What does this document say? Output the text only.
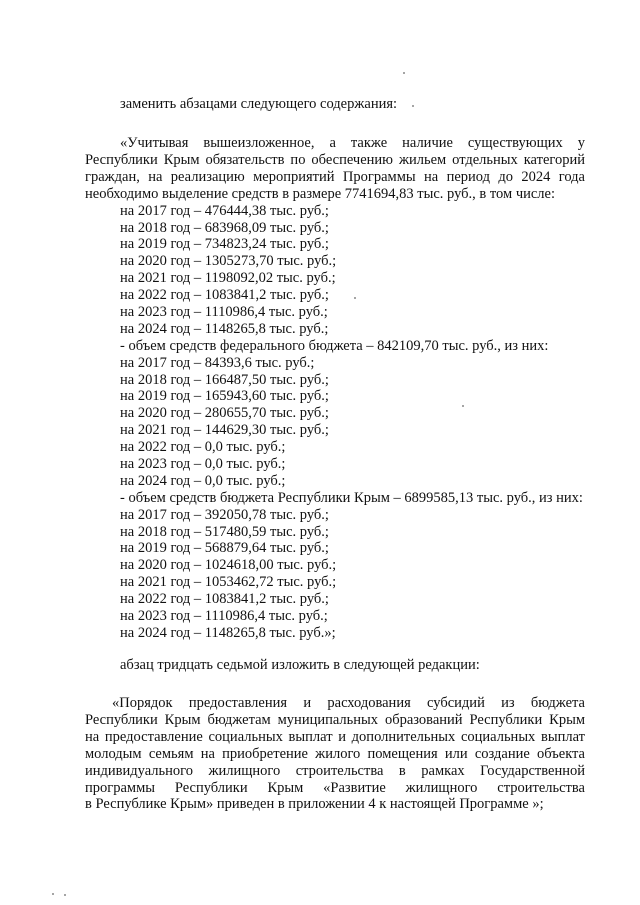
заменить абзацами следующего содержания:
«Учитывая вышеизложенное, а также наличие существующих у
Республики Крым обязательств по обеспечению жильем отдельных категорий
граждан, на реализацию мероприятий Программы на период до 2024 года
необходимо выделение средств в размере 7741694,83 тыс. руб., в том числе:
на 2017 год – 476444,38 тыс. руб.;
на 2018 год – 683968,09 тыс. руб.;
на 2019 год – 734823,24 тыс. руб.;
на 2020 год – 1305273,70 тыс. руб.;
на 2021 год – 1198092,02 тыс. руб.;
на 2022 год – 1083841,2 тыс. руб.;
на 2023 год – 1110986,4 тыс. руб.;
на 2024 год – 1148265,8 тыс. руб.;
- объем средств федерального бюджета – 842109,70 тыс. руб., из них:
на 2017 год – 84393,6 тыс. руб.;
на 2018 год – 166487,50 тыс. руб.;
на 2019 год – 165943,60 тыс. руб.;
на 2020 год – 280655,70 тыс. руб.;
на 2021 год – 144629,30 тыс. руб.;
на 2022 год – 0,0 тыс. руб.;
на 2023 год – 0,0 тыс. руб.;
на 2024 год – 0,0 тыс. руб.;
- объем средств бюджета Республики Крым – 6899585,13 тыс. руб., из них:
на 2017 год – 392050,78 тыс. руб.;
на 2018 год – 517480,59 тыс. руб.;
на 2019 год – 568879,64 тыс. руб.;
на 2020 год – 1024618,00 тыс. руб.;
на 2021 год – 1053462,72 тыс. руб.;
на 2022 год – 1083841,2 тыс. руб.;
на 2023 год – 1110986,4 тыс. руб.;
на 2024 год – 1148265,8 тыс. руб.»;
абзац тридцать седьмой изложить в следующей редакции:
«Порядок предоставления и расходования субсидий из бюджета
Республики Крым бюджетам муниципальных образований Республики Крым
на предоставление социальных выплат и дополнительных социальных выплат
молодым семьям на приобретение жилого помещения или создание объекта
индивидуального жилищного строительства в рамках Государственной
программы Республики Крым «Развитие жилищного строительства
в Республике Крым» приведен в приложении 4 к настоящей Программе »;
